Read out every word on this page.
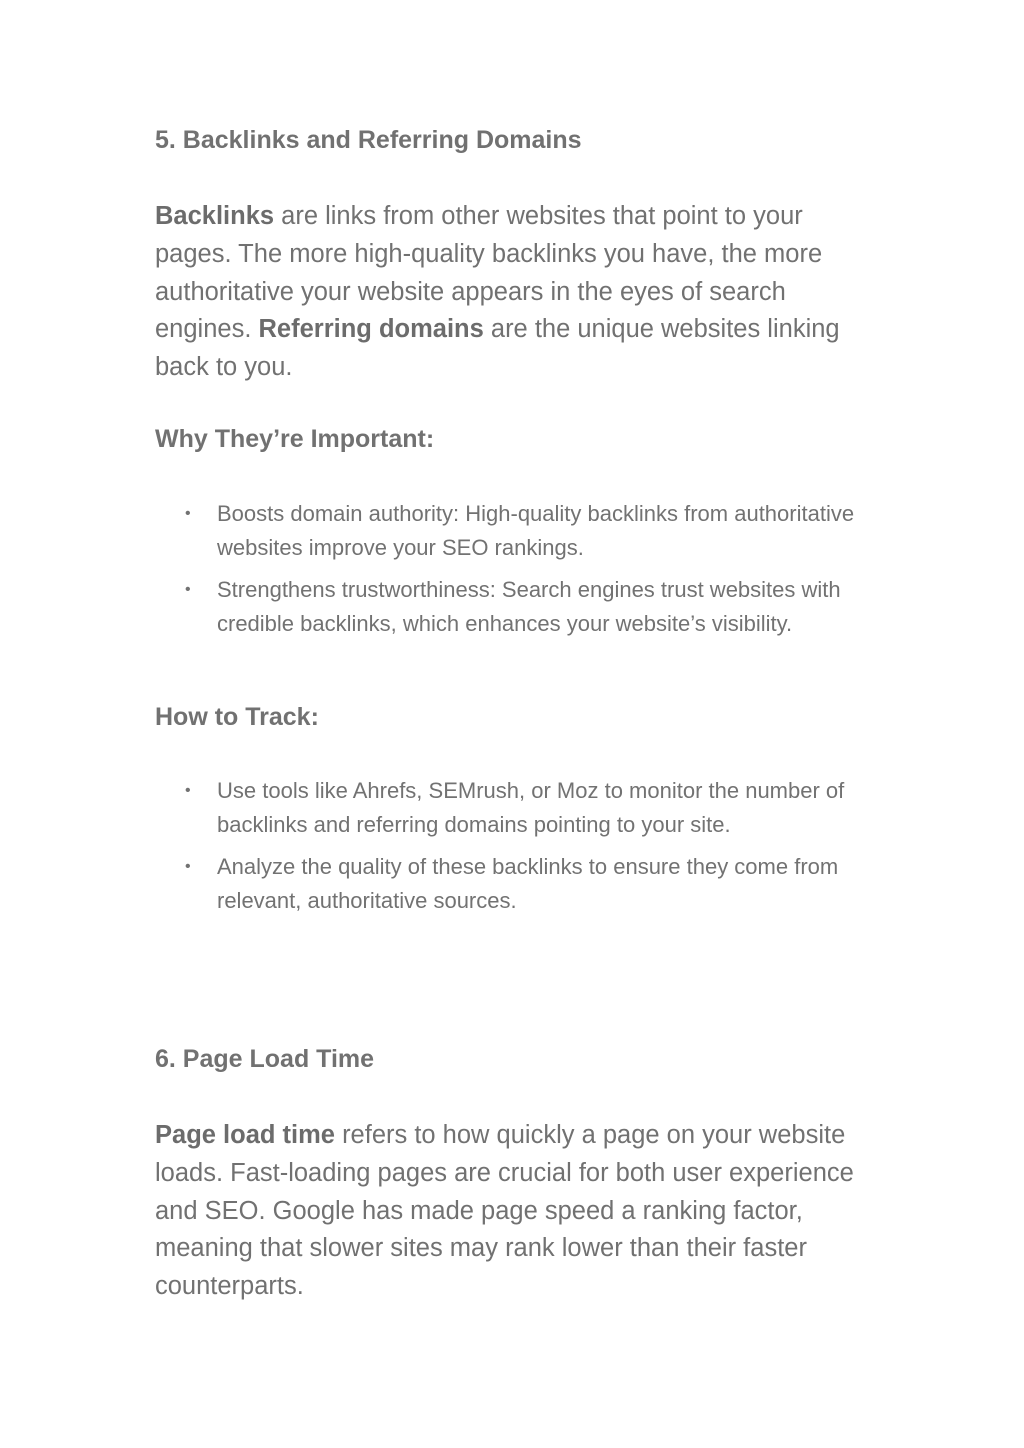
5. Backlinks and Referring Domains

Backlinks are links from other websites that point to your pages. The more high-quality backlinks you have, the more authoritative your website appears in the eyes of search engines. Referring domains are the unique websites linking back to you.

Why They’re Important:
•	Boosts domain authority: High-quality backlinks from authoritative websites improve your SEO rankings.
•	Strengthens trustworthiness: Search engines trust websites with credible backlinks, which enhances your website’s visibility.
How to Track:
•	Use tools like Ahrefs, SEMrush, or Moz to monitor the number of backlinks and referring domains pointing to your site.
•	Analyze the quality of these backlinks to ensure they come from relevant, authoritative sources.
6. Page Load Time

Page load time refers to how quickly a page on your website loads. Fast-loading pages are crucial for both user experience and SEO. Google has made page speed a ranking factor, meaning that slower sites may rank lower than their faster counterparts.
